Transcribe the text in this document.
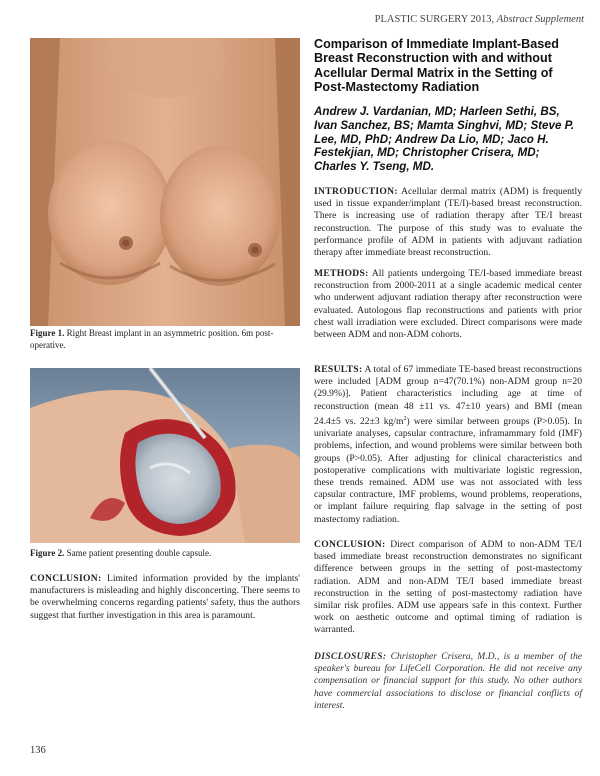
PLASTIC SURGERY 2013, Abstract Supplement
Figure 1. Right Breast implant in an asymmetric position. 6m post-operative.
Figure 2. Same patient presenting double capsule.
CONCLUSION: Limited information provided by the implants' manufacturers is misleading and highly disconcerting. There seems to be overwhelming concerns regarding patients' safety, thus the authors suggest that further investigation in this area is paramount.
Comparison of Immediate Implant-Based Breast Reconstruction with and without Acellular Dermal Matrix in the Setting of Post-Mastectomy Radiation
Andrew J. Vardanian, MD; Harleen Sethi, BS, Ivan Sanchez, BS; Mamta Singhvi, MD; Steve P. Lee, MD, PhD; Andrew Da Lio, MD; Jaco H. Festekjian, MD; Christopher Crisera, MD; Charles Y. Tseng, MD.
INTRODUCTION: Acellular dermal matrix (ADM) is frequently used in tissue expander/implant (TE/I)-based breast reconstruction. There is increasing use of radiation therapy after TE/I breast reconstruction. The purpose of this study was to evaluate the performance profile of ADM in patients with adjuvant radiation therapy after immediate breast reconstruction.
METHODS: All patients undergoing TE/I-based immediate breast reconstruction from 2000-2011 at a single academic medical center who underwent adjuvant radiation therapy after reconstruction were evaluated. Autologous flap reconstructions and patients with prior chest wall irradiation were excluded. Direct comparisons were made between ADM and non-ADM cohorts.
RESULTS: A total of 67 immediate TE-based breast reconstructions were included [ADM group n=47(70.1%) non-ADM group n=20 (29.9%)]. Patient characteristics including age at time of reconstruction (mean 48 ±11 vs. 47±10 years) and BMI (mean 24.4±5 vs. 22±3 $kg/m^2$) were similar between groups (P>0.05). In univariate analyses, capsular contracture, inframammary fold (IMF) problems, infection, and wound problems were similar between both groups (P>0.05). After adjusting for clinical characteristics and postoperative complications with multivariate logistic regression, these trends remained. ADM use was not associated with less capsular contracture, IMF problems, wound problems, reoperations, or implant failure requiring flap salvage in the setting of post mastectomy radiation.
CONCLUSION: Direct comparison of ADM to non-ADM TE/I based immediate breast reconstruction demonstrates no significant difference between groups in the setting of post-mastectomy radiation. ADM and non-ADM TE/I based immediate breast reconstruction in the setting of post-mastectomy radiation have similar risk profiles. ADM use appears safe in this context. Further work on aesthetic outcome and optimal timing of radiation is warranted.
DISCLOSURES: Christopher Crisera, M.D., is a member of the speaker's bureau for LifeCell Corporation. He did not receive any compensation or financial support for this study. No other authors have commercial associations to disclose or financial conflicts of interest.
136
